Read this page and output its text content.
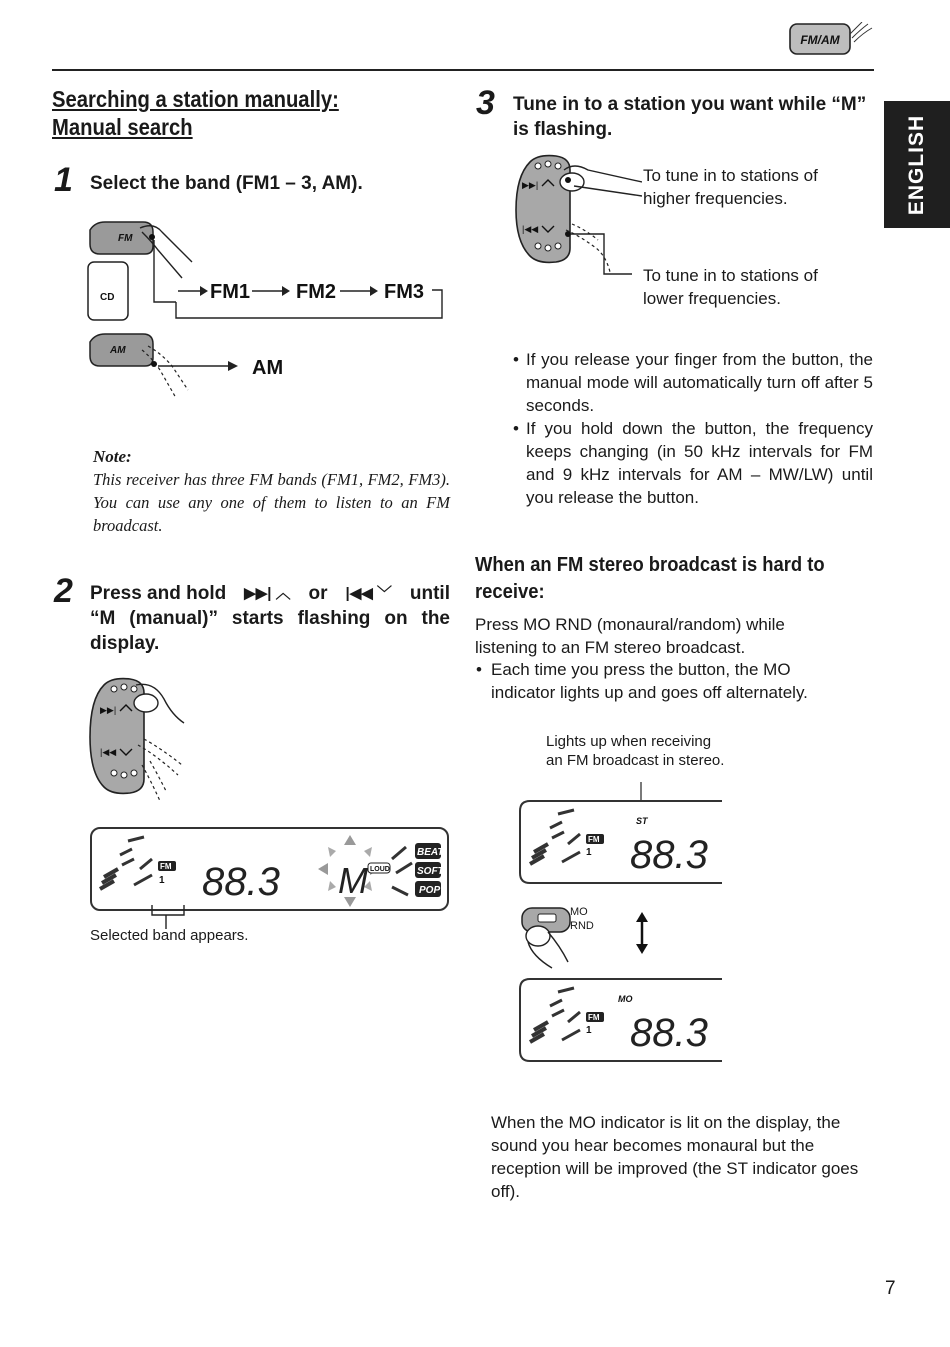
FM/AM
ENGLISH
Searching a station manually:
Manual search
1 Select the band (FM1 – 3, AM).
FM
CD
AM
FM1 FM2 FM3
AM
Note:
This receiver has three FM bands (FM1, FM2, FM3). You can use any one of them to listen to an FM broadcast.
2 Press and hold ▶▶| ︿ or |◀◀ ﹀ until
“M (manual)” starts flashing on the display.
▶▶|
|◀◀
FM
1 88.3 M LOUD
BEAT
SOFT
POP
Selected band appears.
3 Tune in to a station you want while “M” is flashing.
▶▶|
|◀◀
To tune in to stations of higher frequencies.
To tune in to stations of lower frequencies.
• If you release your finger from the button, the manual mode will automatically turn off after 5 seconds.
• If you hold down the button, the frequency keeps changing (in 50 kHz intervals for FM and 9 kHz intervals for AM – MW/LW) until you release the button.
When an FM stereo broadcast is hard to receive:
Press MO RND (monaural/random) while listening to an FM stereo broadcast.
• Each time you press the button, the MO indicator lights up and goes off alternately.
Lights up when receiving
an FM broadcast in stereo.
FM
1
ST
88.3
MO
RND
FM
1
MO
88.3
When the MO indicator is lit on the display, the sound you hear becomes monaural but the reception will be improved (the ST indicator goes off).
7
